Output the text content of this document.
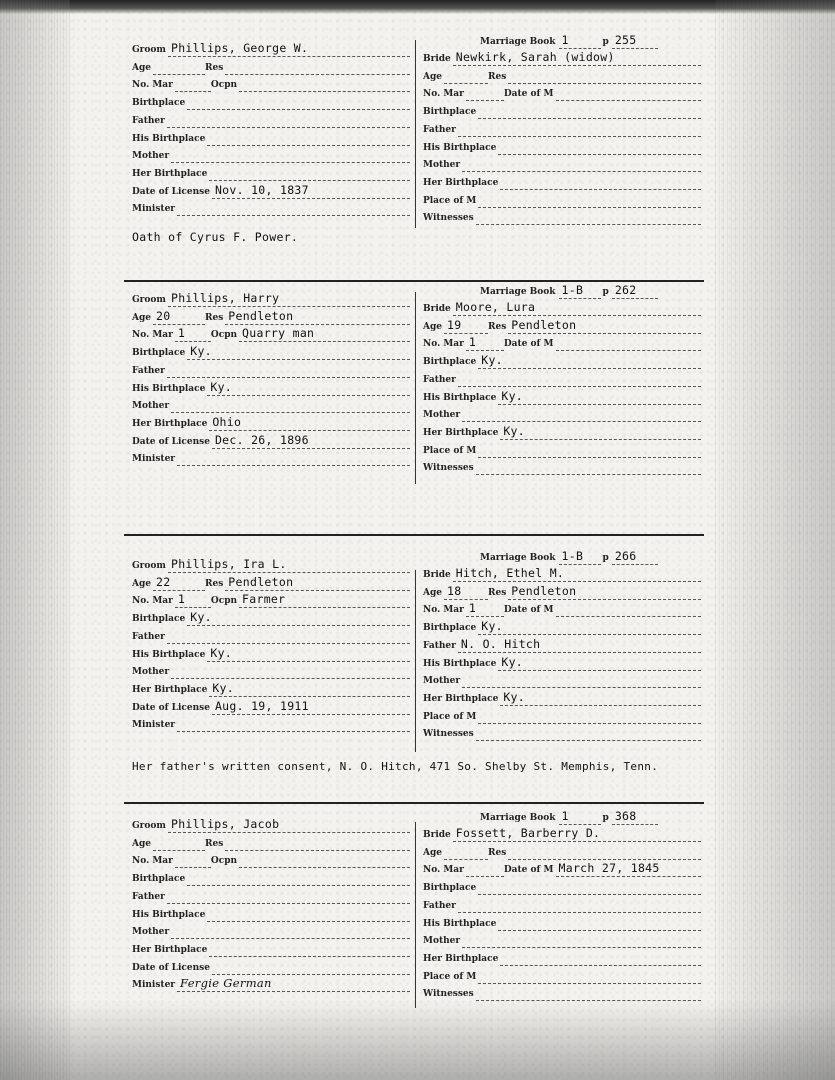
Groom Phillips, George W.
Age	Res
No. Mar	Ocpn
Birthplace
Father
His Birthplace
Mother
Her Birthplace
Date of License Nov. 10, 1837
Minister
Marriage Book 1	p 255
Bride Newkirk, Sarah (widow)
Age	Res
No. Mar	Date of M
Birthplace
Father
His Birthplace
Mother
Her Birthplace
Place of M
Witnesses
Oath of Cyrus F. Power.
Groom Phillips, Harry
Age 20	Res Pendleton
No. Mar 1	Ocpn Quarry man
Birthplace Ky.
Father
His Birthplace Ky.
Mother
Her Birthplace Ohio
Date of License Dec. 26, 1896
Minister
Marriage Book 1-B p 262
Bride Moore, Lura
Age 19	Res Pendleton
No. Mar 1	Date of M
Birthplace Ky.
Father
His Birthplace Ky.
Mother
Her Birthplace Ky.
Place of M
Witnesses
Groom Phillips, Ira L.
Age 22	Res Pendleton
No. Mar 1	Ocpn Farmer
Birthplace Ky.
Father
His Birthplace Ky.
Mother
Her Birthplace Ky.
Date of License Aug. 19, 1911
Minister
Marriage Book 1-B p 266
Bride Hitch, Ethel M.
Age 18	Res Pendleton
No. Mar 1	Date of M
Birthplace Ky.
Father N. O. Hitch
His Birthplace Ky.
Mother
Her Birthplace Ky.
Place of M
Witnesses
Her father's written consent, N. O. Hitch, 471 So. Shelby St. Memphis, Tenn.
Groom Phillips, Jacob
Age	Res
No. Mar	Ocpn
Birthplace
Father
His Birthplace
Mother
Her Birthplace
Date of License
Minister Fergie German
Marriage Book 1	p 368
Bride Fossett, Barberry D.
Age	Res
No. Mar	Date of M March 27, 1845
Birthplace
Father
His Birthplace
Mother
Her Birthplace
Place of M
Witnesses
